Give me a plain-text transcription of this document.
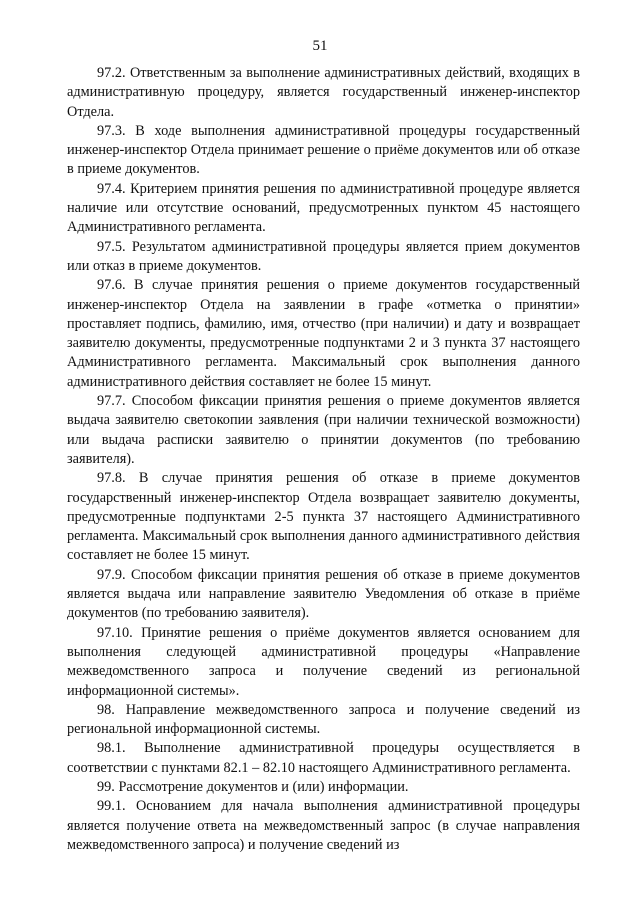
51

97.2. Ответственным за выполнение административных действий, входящих в административную процедуру, является государственный инженер-инспектор Отдела.

97.3. В ходе выполнения административной процедуры государственный инженер-инспектор Отдела принимает решение о приёме документов или об отказе в приеме документов.

97.4. Критерием принятия решения по административной процедуре является наличие или отсутствие оснований, предусмотренных пунктом 45 настоящего Административного регламента.

97.5. Результатом административной процедуры является прием документов или отказ в приеме документов.

97.6. В случае принятия решения о приеме документов государственный инженер-инспектор Отдела на заявлении в графе «отметка о принятии» проставляет подпись, фамилию, имя, отчество (при наличии) и дату и возвращает заявителю документы, предусмотренные подпунктами 2 и 3 пункта 37 настоящего Административного регламента. Максимальный срок выполнения данного административного действия составляет не более 15 минут.

97.7. Способом фиксации принятия решения о приеме документов является выдача заявителю светокопии заявления (при наличии технической возможности) или выдача расписки заявителю о принятии документов (по требованию заявителя).

97.8. В случае принятия решения об отказе в приеме документов государственный инженер-инспектор Отдела возвращает заявителю документы, предусмотренные подпунктами 2-5 пункта 37 настоящего Административного регламента. Максимальный срок выполнения данного административного действия составляет не более 15 минут.

97.9. Способом фиксации принятия решения об отказе в приеме документов является выдача или направление заявителю Уведомления об отказе в приёме документов (по требованию заявителя).

97.10. Принятие решения о приёме документов является основанием для выполнения следующей административной процедуры «Направление межведомственного запроса и получение сведений из региональной информационной системы».

98. Направление межведомственного запроса и получение сведений из региональной информационной системы.

98.1. Выполнение административной процедуры осуществляется в соответствии с пунктами 82.1 – 82.10 настоящего Административного регламента.

99. Рассмотрение документов и (или) информации.

99.1. Основанием для начала выполнения административной процедуры является получение ответа на межведомственный запрос (в случае направления межведомственного запроса) и получение сведений из
